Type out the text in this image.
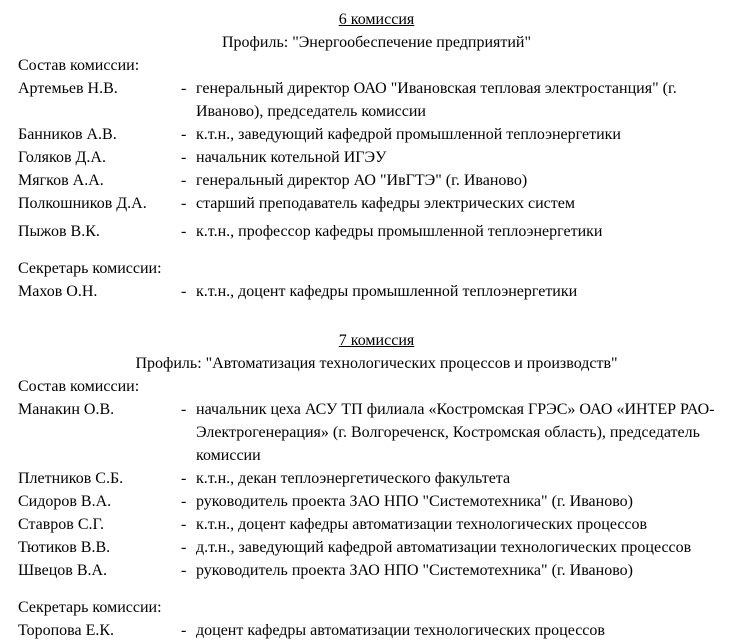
6 комиссия
Профиль: "Энергообеспечение предприятий"
Состав комиссии:
Артемьев Н.В.	- генеральный директор ОАО "Ивановская тепловая электростанция" (г. Иваново), председатель комиссии
Банников А.В.	- к.т.н., заведующий кафедрой промышленной теплоэнергетики
Голяков Д.А.	- начальник котельной ИГЭУ
Мягков А.А.	- генеральный директор АО "ИвГТЭ" (г. Иваново)
Полкошников Д.А.	- старший преподаватель кафедры электрических систем
Пыжов В.К.	- к.т.н., профессор кафедры промышленной теплоэнергетики
Секретарь комиссии:
Махов О.Н.	- к.т.н., доцент кафедры промышленной теплоэнергетики
7 комиссия
Профиль: "Автоматизация технологических процессов и производств"
Состав комиссии:
Манакин О.В.	- начальник цеха АСУ ТП филиала «Костромская ГРЭС» ОАО «ИНТЕР РАО-Электрогенерация» (г. Волгореченск, Костромская область), председатель комиссии
Плетников С.Б.	- к.т.н., декан теплоэнергетического факультета
Сидоров В.А.	- руководитель проекта ЗАО НПО "Системотехника" (г. Иваново)
Ставров С.Г.	- к.т.н., доцент кафедры автоматизации технологических процессов
Тютиков В.В.	- д.т.н., заведующий кафедрой автоматизации технологических процессов
Швецов В.А.	- руководитель проекта ЗАО НПО "Системотехника" (г. Иваново)
Секретарь комиссии:
Торопова Е.К.	- доцент кафедры автоматизации технологических процессов
